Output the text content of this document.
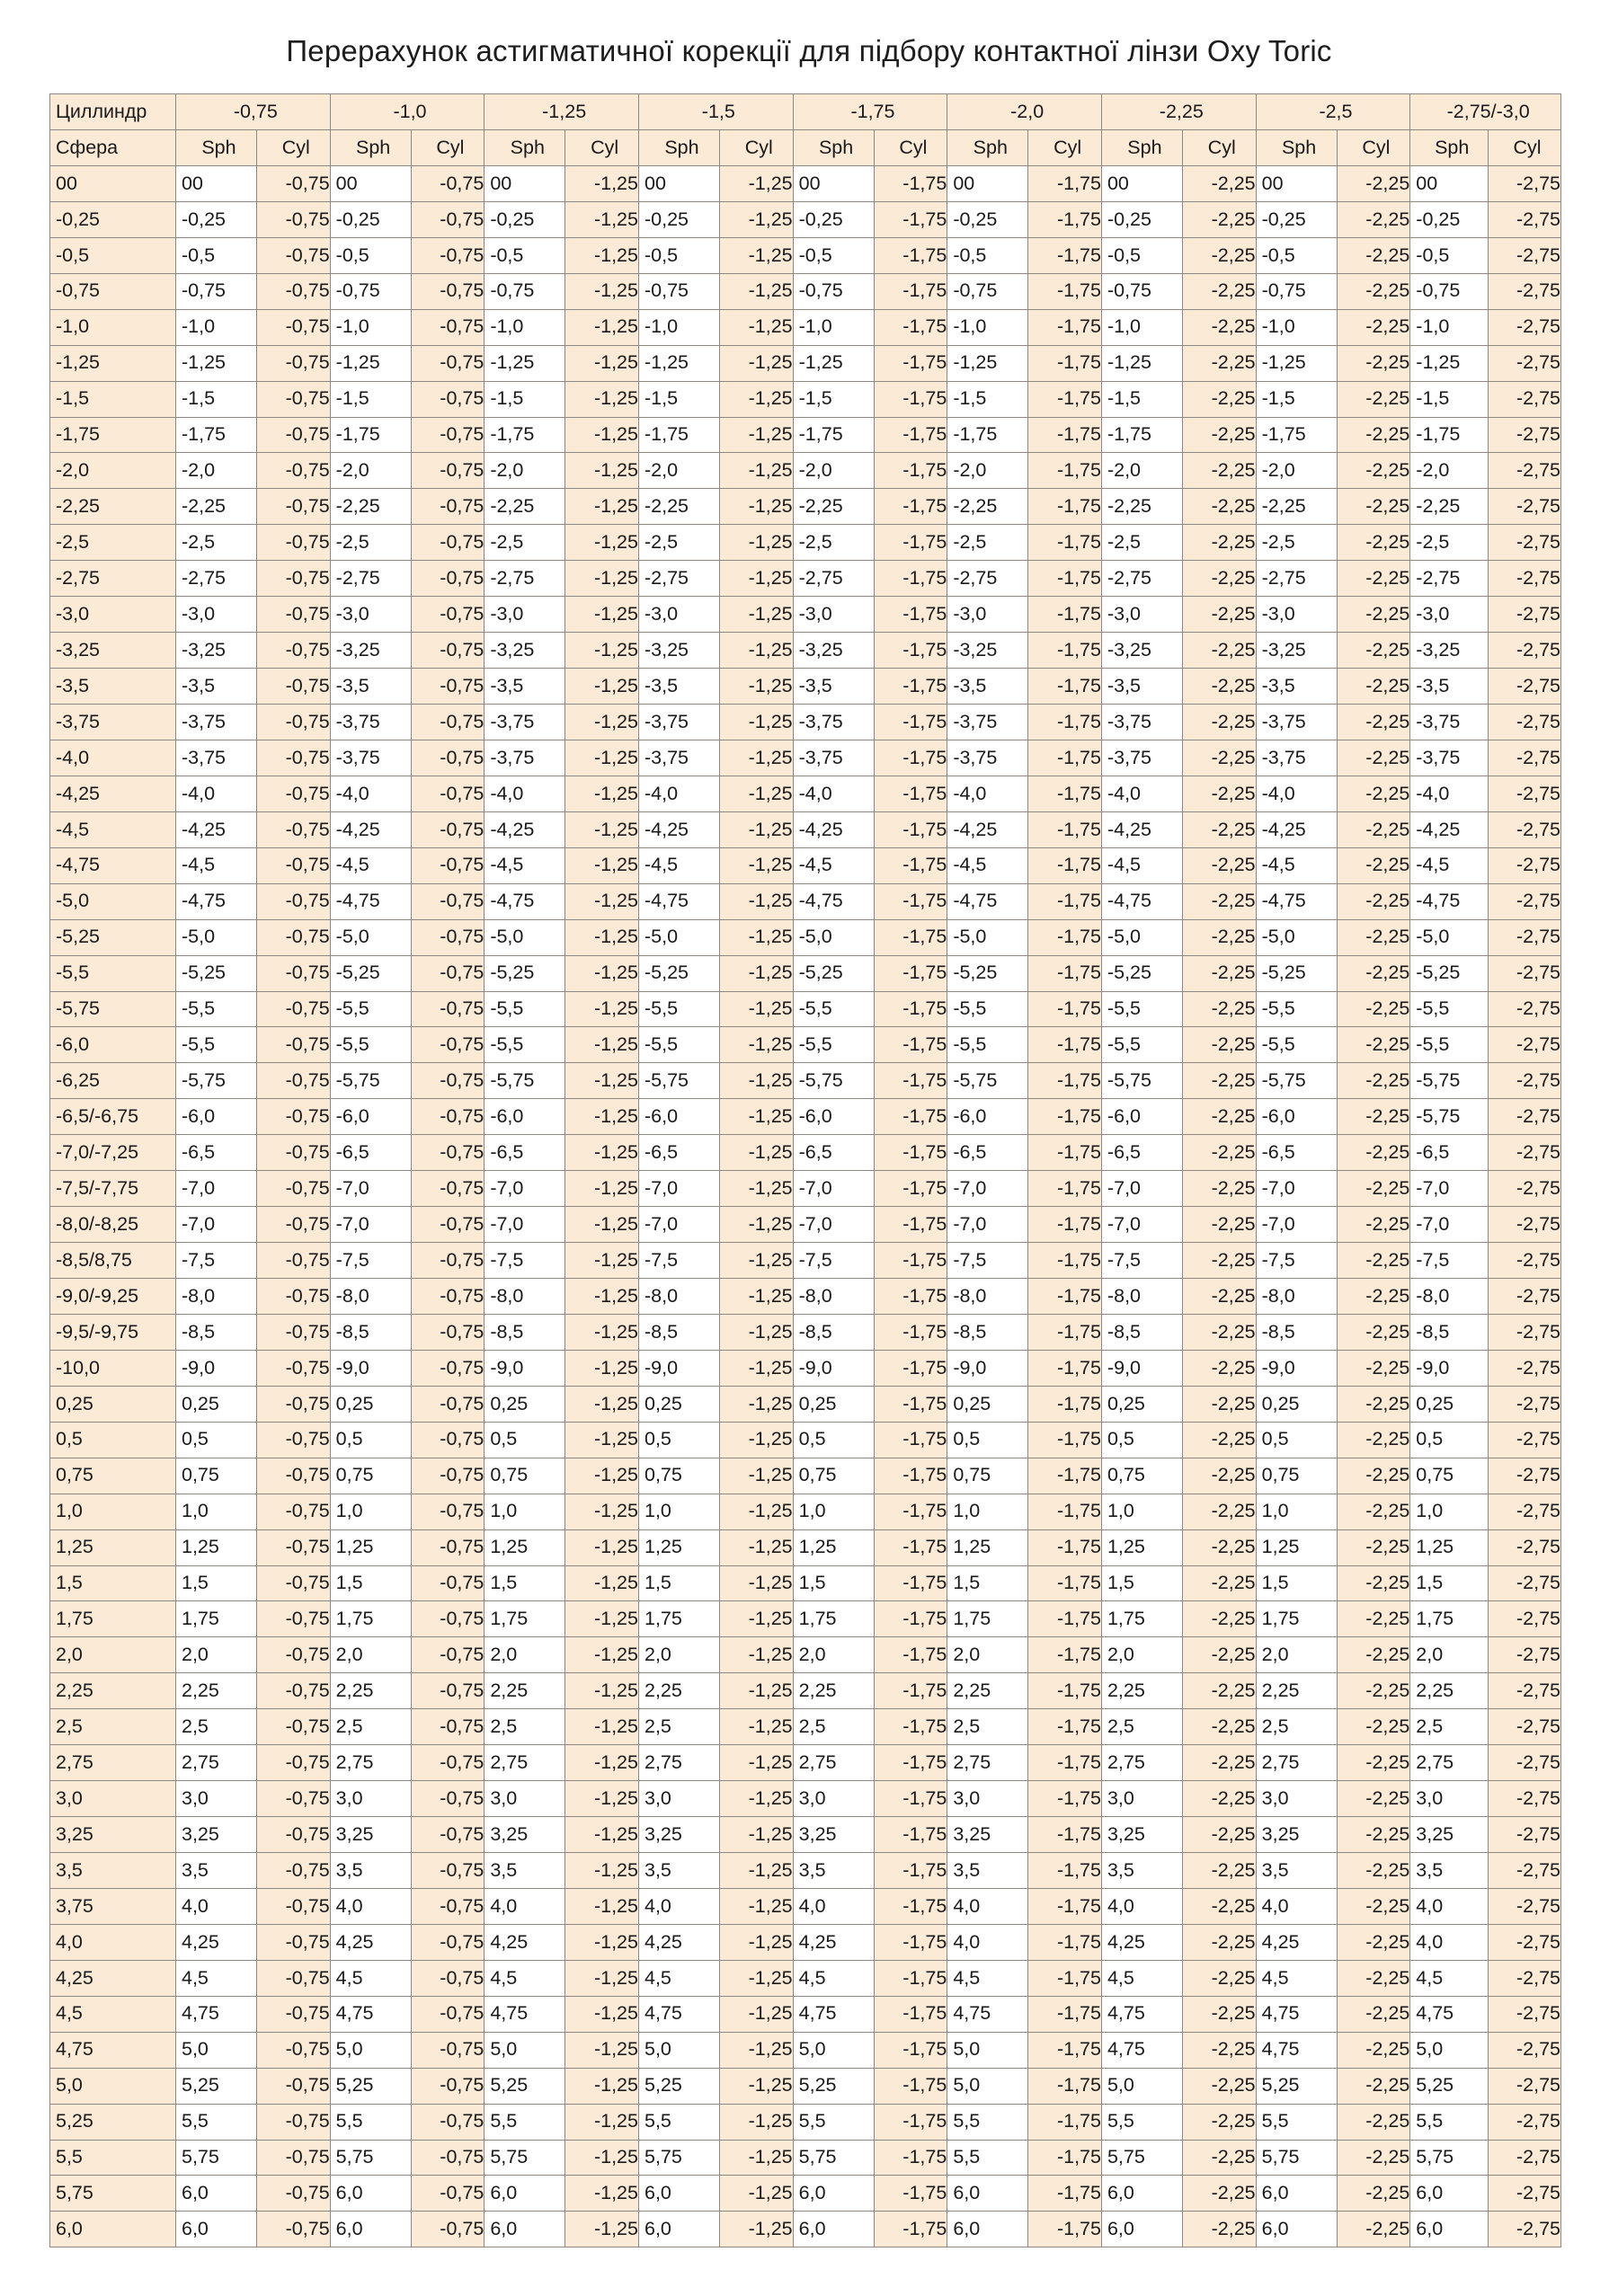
Перерахунок астигматичної корекції для підбору контактної лінзи Oxy Toric
Циллиндр	-0,75		-1,0		-1,25		-1,5		-1,75		-2,0		-2,25		-2,5		-2,75/-3,0	
Сфера	Sph	Cyl	Sph	Cyl	Sph	Cyl	Sph	Cyl	Sph	Cyl	Sph	Cyl	Sph	Cyl	Sph	Cyl	Sph	Cyl
00	00	-0,75	00	-0,75	00	-1,25	00	-1,25	00	-1,75	00	-1,75	00	-2,25	00	-2,25	00	-2,75
-0,25	-0,25	-0,75	-0,25	-0,75	-0,25	-1,25	-0,25	-1,25	-0,25	-1,75	-0,25	-1,75	-0,25	-2,25	-0,25	-2,25	-0,25	-2,75
-0,5	-0,5	-0,75	-0,5	-0,75	-0,5	-1,25	-0,5	-1,25	-0,5	-1,75	-0,5	-1,75	-0,5	-2,25	-0,5	-2,25	-0,5	-2,75
-0,75	-0,75	-0,75	-0,75	-0,75	-0,75	-1,25	-0,75	-1,25	-0,75	-1,75	-0,75	-1,75	-0,75	-2,25	-0,75	-2,25	-0,75	-2,75
-1,0	-1,0	-0,75	-1,0	-0,75	-1,0	-1,25	-1,0	-1,25	-1,0	-1,75	-1,0	-1,75	-1,0	-2,25	-1,0	-2,25	-1,0	-2,75
-1,25	-1,25	-0,75	-1,25	-0,75	-1,25	-1,25	-1,25	-1,25	-1,25	-1,75	-1,25	-1,75	-1,25	-2,25	-1,25	-2,25	-1,25	-2,75
-1,5	-1,5	-0,75	-1,5	-0,75	-1,5	-1,25	-1,5	-1,25	-1,5	-1,75	-1,5	-1,75	-1,5	-2,25	-1,5	-2,25	-1,5	-2,75
-1,75	-1,75	-0,75	-1,75	-0,75	-1,75	-1,25	-1,75	-1,25	-1,75	-1,75	-1,75	-1,75	-1,75	-2,25	-1,75	-2,25	-1,75	-2,75
-2,0	-2,0	-0,75	-2,0	-0,75	-2,0	-1,25	-2,0	-1,25	-2,0	-1,75	-2,0	-1,75	-2,0	-2,25	-2,0	-2,25	-2,0	-2,75
-2,25	-2,25	-0,75	-2,25	-0,75	-2,25	-1,25	-2,25	-1,25	-2,25	-1,75	-2,25	-1,75	-2,25	-2,25	-2,25	-2,25	-2,25	-2,75
-2,5	-2,5	-0,75	-2,5	-0,75	-2,5	-1,25	-2,5	-1,25	-2,5	-1,75	-2,5	-1,75	-2,5	-2,25	-2,5	-2,25	-2,5	-2,75
-2,75	-2,75	-0,75	-2,75	-0,75	-2,75	-1,25	-2,75	-1,25	-2,75	-1,75	-2,75	-1,75	-2,75	-2,25	-2,75	-2,25	-2,75	-2,75
-3,0	-3,0	-0,75	-3,0	-0,75	-3,0	-1,25	-3,0	-1,25	-3,0	-1,75	-3,0	-1,75	-3,0	-2,25	-3,0	-2,25	-3,0	-2,75
-3,25	-3,25	-0,75	-3,25	-0,75	-3,25	-1,25	-3,25	-1,25	-3,25	-1,75	-3,25	-1,75	-3,25	-2,25	-3,25	-2,25	-3,25	-2,75
-3,5	-3,5	-0,75	-3,5	-0,75	-3,5	-1,25	-3,5	-1,25	-3,5	-1,75	-3,5	-1,75	-3,5	-2,25	-3,5	-2,25	-3,5	-2,75
-3,75	-3,75	-0,75	-3,75	-0,75	-3,75	-1,25	-3,75	-1,25	-3,75	-1,75	-3,75	-1,75	-3,75	-2,25	-3,75	-2,25	-3,75	-2,75
-4,0	-3,75	-0,75	-3,75	-0,75	-3,75	-1,25	-3,75	-1,25	-3,75	-1,75	-3,75	-1,75	-3,75	-2,25	-3,75	-2,25	-3,75	-2,75
-4,25	-4,0	-0,75	-4,0	-0,75	-4,0	-1,25	-4,0	-1,25	-4,0	-1,75	-4,0	-1,75	-4,0	-2,25	-4,0	-2,25	-4,0	-2,75
-4,5	-4,25	-0,75	-4,25	-0,75	-4,25	-1,25	-4,25	-1,25	-4,25	-1,75	-4,25	-1,75	-4,25	-2,25	-4,25	-2,25	-4,25	-2,75
-4,75	-4,5	-0,75	-4,5	-0,75	-4,5	-1,25	-4,5	-1,25	-4,5	-1,75	-4,5	-1,75	-4,5	-2,25	-4,5	-2,25	-4,5	-2,75
-5,0	-4,75	-0,75	-4,75	-0,75	-4,75	-1,25	-4,75	-1,25	-4,75	-1,75	-4,75	-1,75	-4,75	-2,25	-4,75	-2,25	-4,75	-2,75
-5,25	-5,0	-0,75	-5,0	-0,75	-5,0	-1,25	-5,0	-1,25	-5,0	-1,75	-5,0	-1,75	-5,0	-2,25	-5,0	-2,25	-5,0	-2,75
-5,5	-5,25	-0,75	-5,25	-0,75	-5,25	-1,25	-5,25	-1,25	-5,25	-1,75	-5,25	-1,75	-5,25	-2,25	-5,25	-2,25	-5,25	-2,75
-5,75	-5,5	-0,75	-5,5	-0,75	-5,5	-1,25	-5,5	-1,25	-5,5	-1,75	-5,5	-1,75	-5,5	-2,25	-5,5	-2,25	-5,5	-2,75
-6,0	-5,5	-0,75	-5,5	-0,75	-5,5	-1,25	-5,5	-1,25	-5,5	-1,75	-5,5	-1,75	-5,5	-2,25	-5,5	-2,25	-5,5	-2,75
-6,25	-5,75	-0,75	-5,75	-0,75	-5,75	-1,25	-5,75	-1,25	-5,75	-1,75	-5,75	-1,75	-5,75	-2,25	-5,75	-2,25	-5,75	-2,75
-6,5/-6,75	-6,0	-0,75	-6,0	-0,75	-6,0	-1,25	-6,0	-1,25	-6,0	-1,75	-6,0	-1,75	-6,0	-2,25	-6,0	-2,25	-5,75	-2,75
-7,0/-7,25	-6,5	-0,75	-6,5	-0,75	-6,5	-1,25	-6,5	-1,25	-6,5	-1,75	-6,5	-1,75	-6,5	-2,25	-6,5	-2,25	-6,5	-2,75
-7,5/-7,75	-7,0	-0,75	-7,0	-0,75	-7,0	-1,25	-7,0	-1,25	-7,0	-1,75	-7,0	-1,75	-7,0	-2,25	-7,0	-2,25	-7,0	-2,75
-8,0/-8,25	-7,0	-0,75	-7,0	-0,75	-7,0	-1,25	-7,0	-1,25	-7,0	-1,75	-7,0	-1,75	-7,0	-2,25	-7,0	-2,25	-7,0	-2,75
-8,5/8,75	-7,5	-0,75	-7,5	-0,75	-7,5	-1,25	-7,5	-1,25	-7,5	-1,75	-7,5	-1,75	-7,5	-2,25	-7,5	-2,25	-7,5	-2,75
-9,0/-9,25	-8,0	-0,75	-8,0	-0,75	-8,0	-1,25	-8,0	-1,25	-8,0	-1,75	-8,0	-1,75	-8,0	-2,25	-8,0	-2,25	-8,0	-2,75
-9,5/-9,75	-8,5	-0,75	-8,5	-0,75	-8,5	-1,25	-8,5	-1,25	-8,5	-1,75	-8,5	-1,75	-8,5	-2,25	-8,5	-2,25	-8,5	-2,75
-10,0	-9,0	-0,75	-9,0	-0,75	-9,0	-1,25	-9,0	-1,25	-9,0	-1,75	-9,0	-1,75	-9,0	-2,25	-9,0	-2,25	-9,0	-2,75
0,25	0,25	-0,75	0,25	-0,75	0,25	-1,25	0,25	-1,25	0,25	-1,75	0,25	-1,75	0,25	-2,25	0,25	-2,25	0,25	-2,75
0,5	0,5	-0,75	0,5	-0,75	0,5	-1,25	0,5	-1,25	0,5	-1,75	0,5	-1,75	0,5	-2,25	0,5	-2,25	0,5	-2,75
0,75	0,75	-0,75	0,75	-0,75	0,75	-1,25	0,75	-1,25	0,75	-1,75	0,75	-1,75	0,75	-2,25	0,75	-2,25	0,75	-2,75
1,0	1,0	-0,75	1,0	-0,75	1,0	-1,25	1,0	-1,25	1,0	-1,75	1,0	-1,75	1,0	-2,25	1,0	-2,25	1,0	-2,75
1,25	1,25	-0,75	1,25	-0,75	1,25	-1,25	1,25	-1,25	1,25	-1,75	1,25	-1,75	1,25	-2,25	1,25	-2,25	1,25	-2,75
1,5	1,5	-0,75	1,5	-0,75	1,5	-1,25	1,5	-1,25	1,5	-1,75	1,5	-1,75	1,5	-2,25	1,5	-2,25	1,5	-2,75
1,75	1,75	-0,75	1,75	-0,75	1,75	-1,25	1,75	-1,25	1,75	-1,75	1,75	-1,75	1,75	-2,25	1,75	-2,25	1,75	-2,75
2,0	2,0	-0,75	2,0	-0,75	2,0	-1,25	2,0	-1,25	2,0	-1,75	2,0	-1,75	2,0	-2,25	2,0	-2,25	2,0	-2,75
2,25	2,25	-0,75	2,25	-0,75	2,25	-1,25	2,25	-1,25	2,25	-1,75	2,25	-1,75	2,25	-2,25	2,25	-2,25	2,25	-2,75
2,5	2,5	-0,75	2,5	-0,75	2,5	-1,25	2,5	-1,25	2,5	-1,75	2,5	-1,75	2,5	-2,25	2,5	-2,25	2,5	-2,75
2,75	2,75	-0,75	2,75	-0,75	2,75	-1,25	2,75	-1,25	2,75	-1,75	2,75	-1,75	2,75	-2,25	2,75	-2,25	2,75	-2,75
3,0	3,0	-0,75	3,0	-0,75	3,0	-1,25	3,0	-1,25	3,0	-1,75	3,0	-1,75	3,0	-2,25	3,0	-2,25	3,0	-2,75
3,25	3,25	-0,75	3,25	-0,75	3,25	-1,25	3,25	-1,25	3,25	-1,75	3,25	-1,75	3,25	-2,25	3,25	-2,25	3,25	-2,75
3,5	3,5	-0,75	3,5	-0,75	3,5	-1,25	3,5	-1,25	3,5	-1,75	3,5	-1,75	3,5	-2,25	3,5	-2,25	3,5	-2,75
3,75	4,0	-0,75	4,0	-0,75	4,0	-1,25	4,0	-1,25	4,0	-1,75	4,0	-1,75	4,0	-2,25	4,0	-2,25	4,0	-2,75
4,0	4,25	-0,75	4,25	-0,75	4,25	-1,25	4,25	-1,25	4,25	-1,75	4,0	-1,75	4,25	-2,25	4,25	-2,25	4,0	-2,75
4,25	4,5	-0,75	4,5	-0,75	4,5	-1,25	4,5	-1,25	4,5	-1,75	4,5	-1,75	4,5	-2,25	4,5	-2,25	4,5	-2,75
4,5	4,75	-0,75	4,75	-0,75	4,75	-1,25	4,75	-1,25	4,75	-1,75	4,75	-1,75	4,75	-2,25	4,75	-2,25	4,75	-2,75
4,75	5,0	-0,75	5,0	-0,75	5,0	-1,25	5,0	-1,25	5,0	-1,75	5,0	-1,75	4,75	-2,25	4,75	-2,25	5,0	-2,75
5,0	5,25	-0,75	5,25	-0,75	5,25	-1,25	5,25	-1,25	5,25	-1,75	5,0	-1,75	5,0	-2,25	5,25	-2,25	5,25	-2,75
5,25	5,5	-0,75	5,5	-0,75	5,5	-1,25	5,5	-1,25	5,5	-1,75	5,5	-1,75	5,5	-2,25	5,5	-2,25	5,5	-2,75
5,5	5,75	-0,75	5,75	-0,75	5,75	-1,25	5,75	-1,25	5,75	-1,75	5,5	-1,75	5,75	-2,25	5,75	-2,25	5,75	-2,75
5,75	6,0	-0,75	6,0	-0,75	6,0	-1,25	6,0	-1,25	6,0	-1,75	6,0	-1,75	6,0	-2,25	6,0	-2,25	6,0	-2,75
6,0	6,0	-0,75	6,0	-0,75	6,0	-1,25	6,0	-1,25	6,0	-1,75	6,0	-1,75	6,0	-2,25	6,0	-2,25	6,0	-2,75
